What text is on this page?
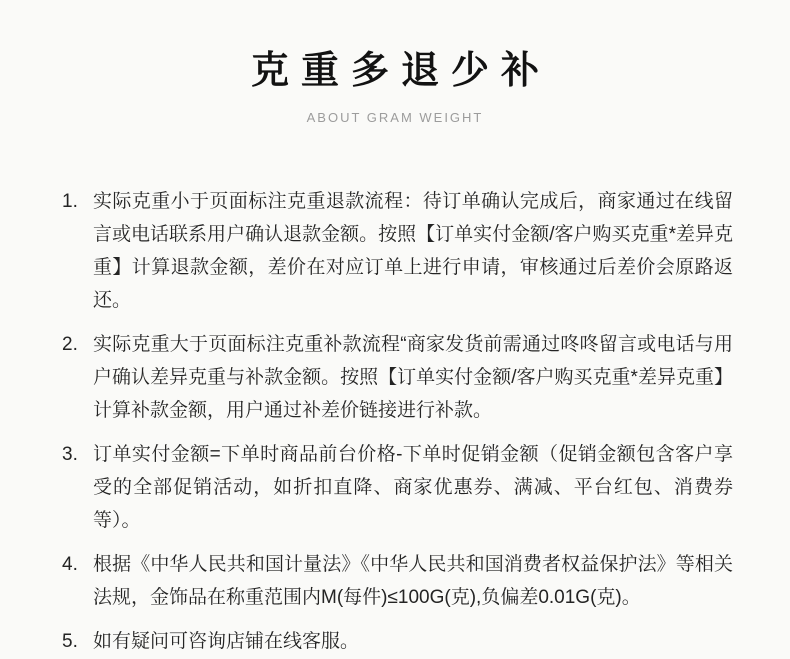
克重多退少补
ABOUT GRAM WEIGHT
1. 实际克重小于页面标注克重退款流程：待订单确认完成后，商家通过在线留言或电话联系用户确认退款金额。按照【订单实付金额/客户购买克重*差异克重】计算退款金额，差价在对应订单上进行申请，审核通过后差价会原路返还。
2. 实际克重大于页面标注克重补款流程“商家发货前需通过咚咚留言或电话与用户确认差异克重与补款金额。按照【订单实付金额/客户购买克重*差异克重】计算补款金额，用户通过补差价链接进行补款。
3. 订单实付金额=下单时商品前台价格-下单时促销金额（促销金额包含客户享受的全部促销活动，如折扣直降、商家优惠券、满减、平台红包、消费券等）。
4. 根据《中华人民共和国计量法》《中华人民共和国消费者权益保护法》等相关法规，金饰品在称重范围内M(每件)≤100G(克),负偏差0.01G(克)。
5. 如有疑问可咨询店铺在线客服。
